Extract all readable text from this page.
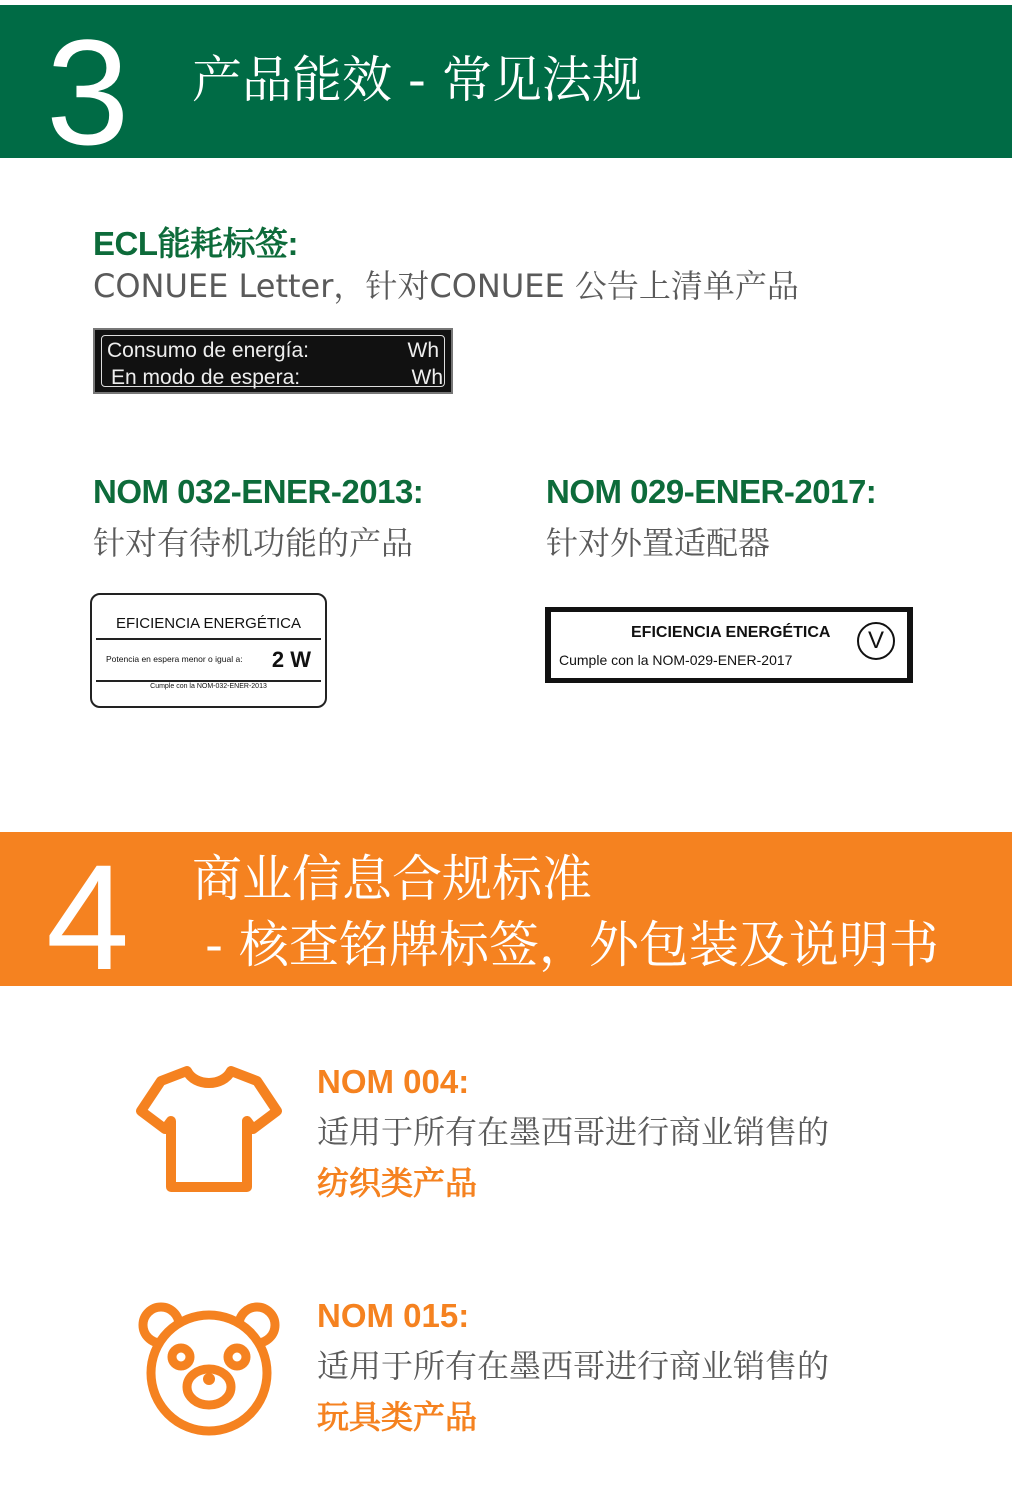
3 产品能效 - 常见法规
ECL能耗标签:
CONUEE Letter，针对CONUEE 公告上清单产品
Consumo de energía:	Wh
En modo de espera:	Wh
NOM 032-ENER-2013:
针对有待机功能的产品
EFICIENCIA ENERGÉTICA
Potencia en espera menor o igual a: 2 W
Cumple con la NOM-032-ENER-2013
NOM 029-ENER-2017:
针对外置适配器
EFICIENCIA ENERGÉTICA
Cumple con la NOM-029-ENER-2017
V
4 商业信息合规标准
- 核查铭牌标签，外包装及说明书
NOM 004:
适用于所有在墨西哥进行商业销售的
纺织类产品
NOM 015:
适用于所有在墨西哥进行商业销售的
玩具类产品
